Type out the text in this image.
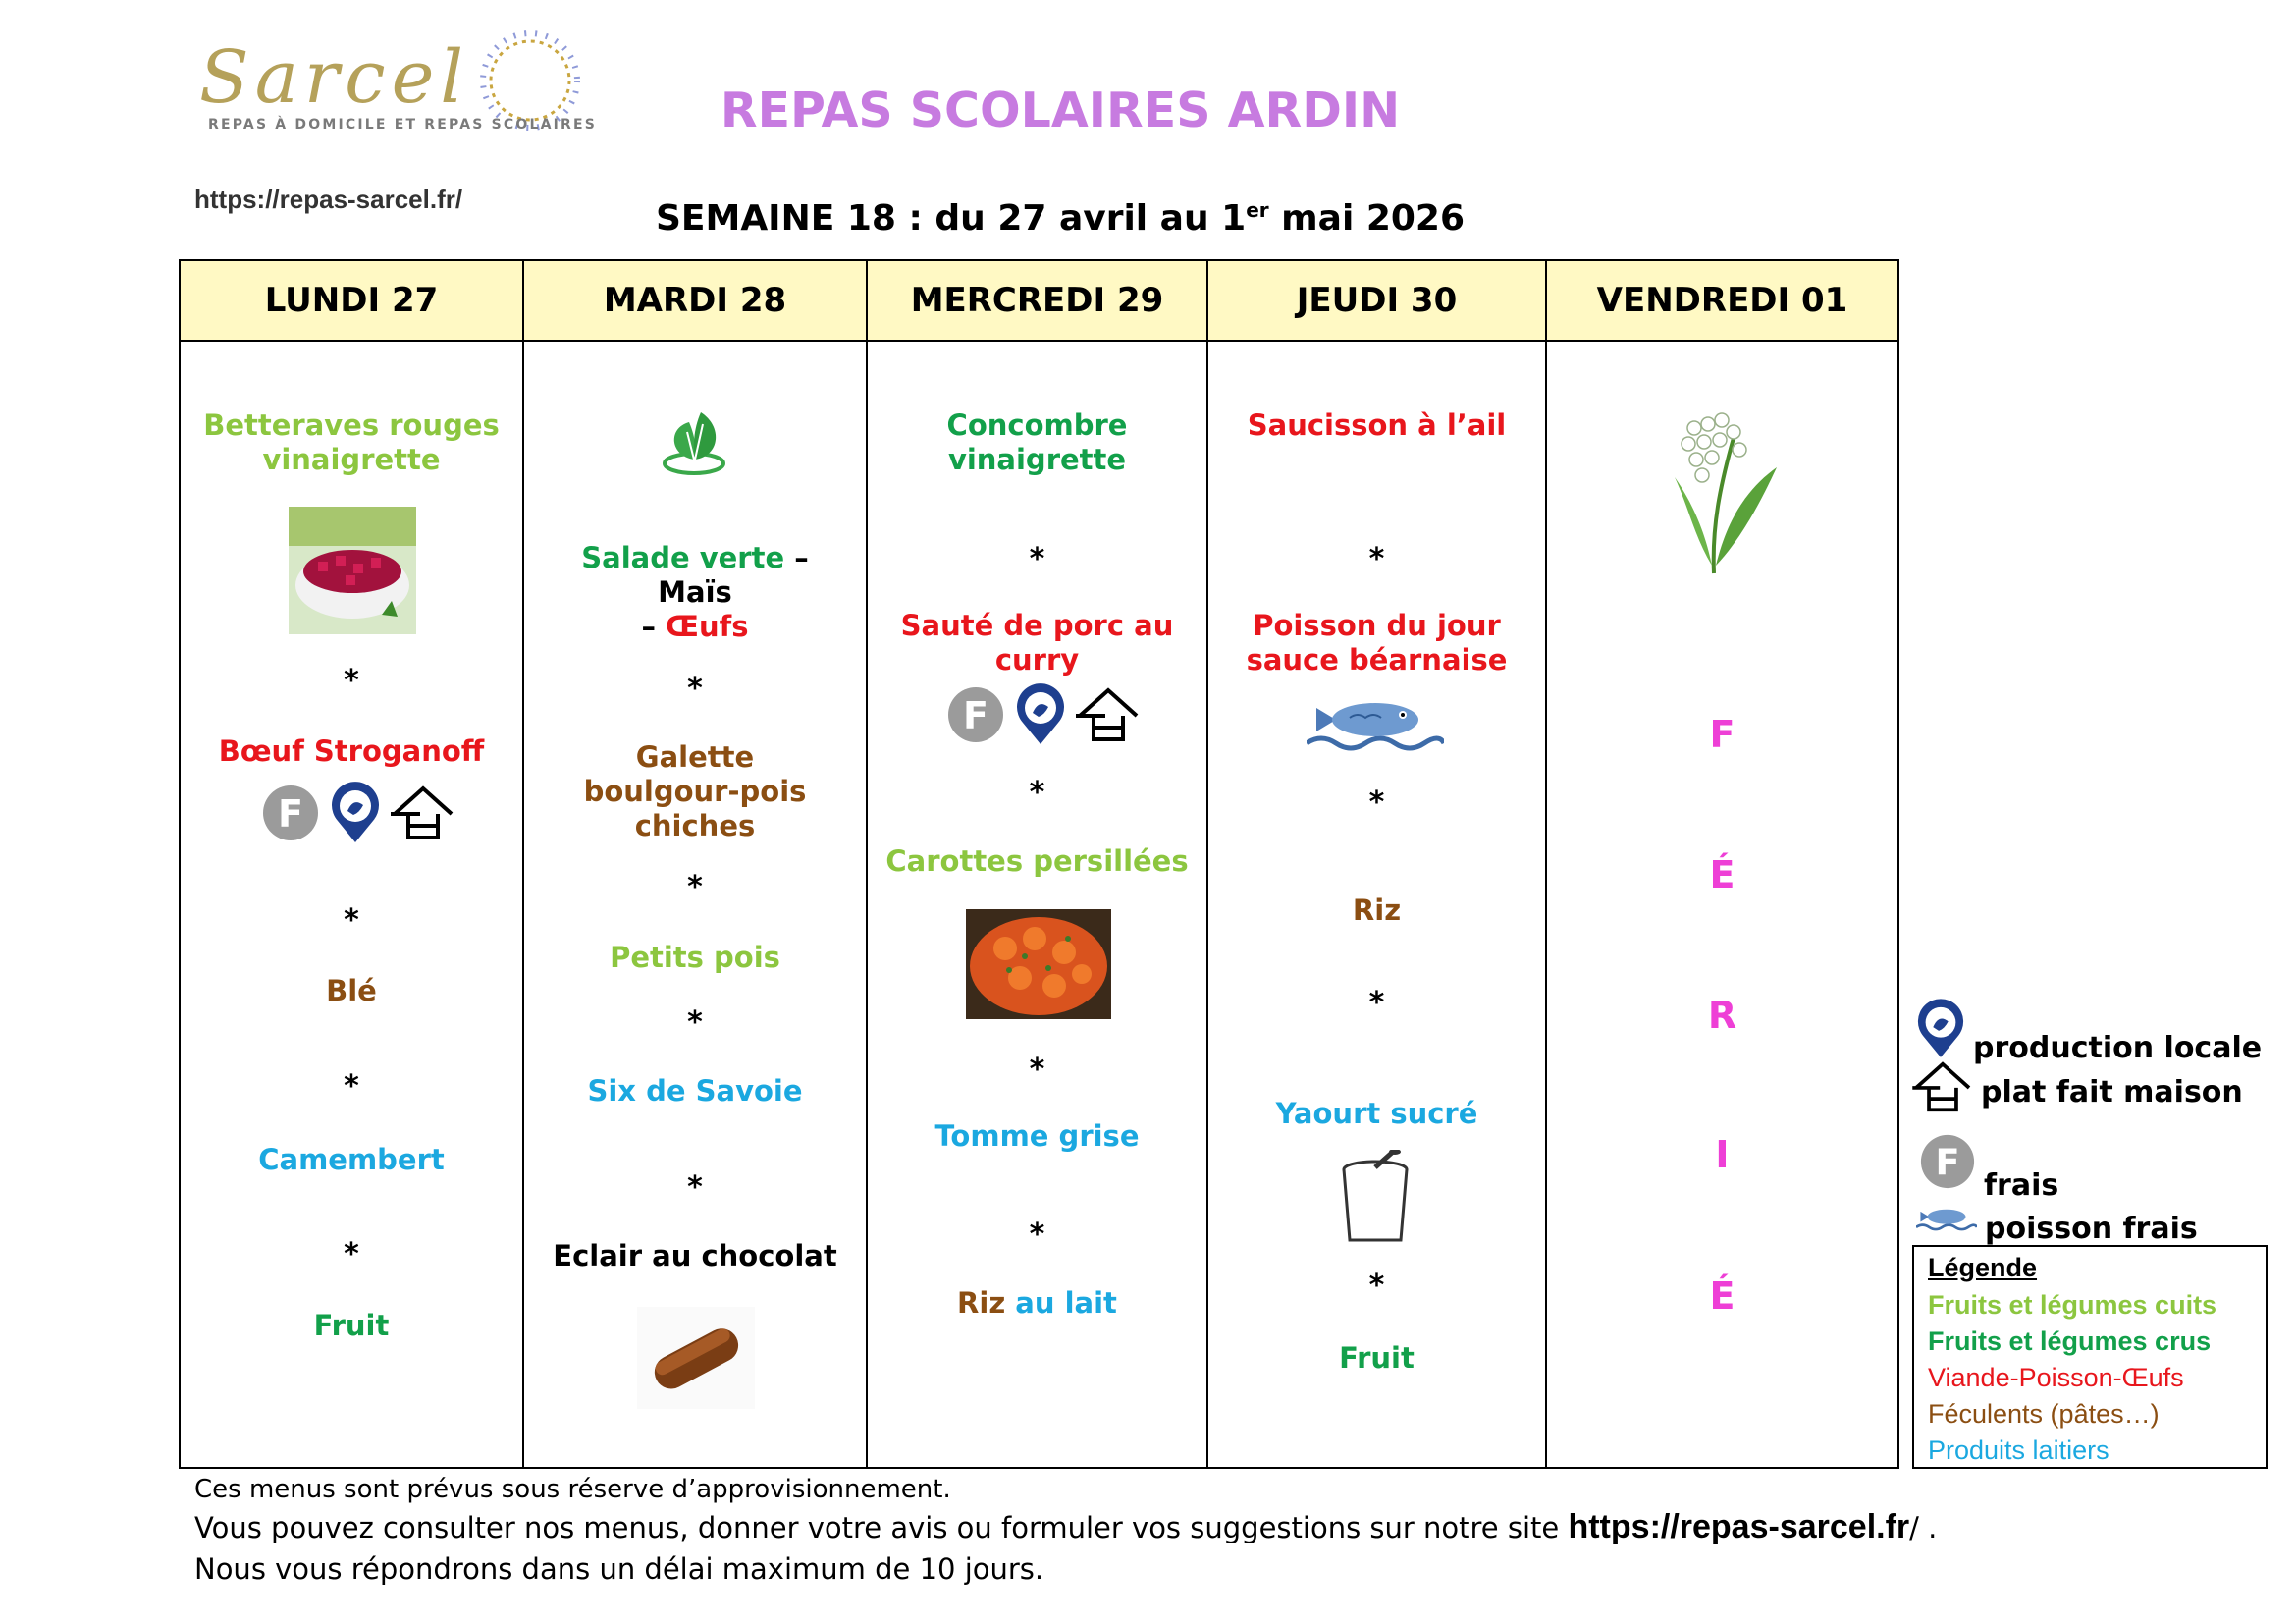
Sarcel
REPAS À DOMICILE ET REPAS SCOLAIRES	REPAS SCOLAIRES ARDIN
https://repas-sarcel.fr/	SEMAINE 18 : du 27 avril au 1er mai 2026
LUNDI 27
Betteraves rouges vinaigrette
*
Bœuf Stroganoff
F
*
Blé
*
Camembert
*
Fruit
MARDI 28
Salade verte – Maïs
– Œufs
*
Galette boulgour-pois chiches
*
Petits pois
*
Six de Savoie
*
Eclair au chocolat
MERCREDI 29
Concombre vinaigrette
*
Sauté de porc au curry
F
*
Carottes persillées
*
Tomme grise
*
Riz au lait
JEUDI 30
Saucisson à l’ail
*
Poisson du jour sauce béarnaise
*
Riz
*
Yaourt sucré
*
Fruit
VENDREDI 01
F
É
R
I
É
production locale
plat fait maison
F
frais
poisson frais
Légende
Fruits et légumes cuits
Fruits et légumes crus
Viande-Poisson-Œufs
Féculents (pâtes…)
Produits laitiers
Ces menus sont prévus sous réserve d’approvisionnement.
Vous pouvez consulter nos menus, donner votre avis ou formuler vos suggestions sur notre site https://repas-sarcel.fr/ .
Nous vous répondrons dans un délai maximum de 10 jours.
